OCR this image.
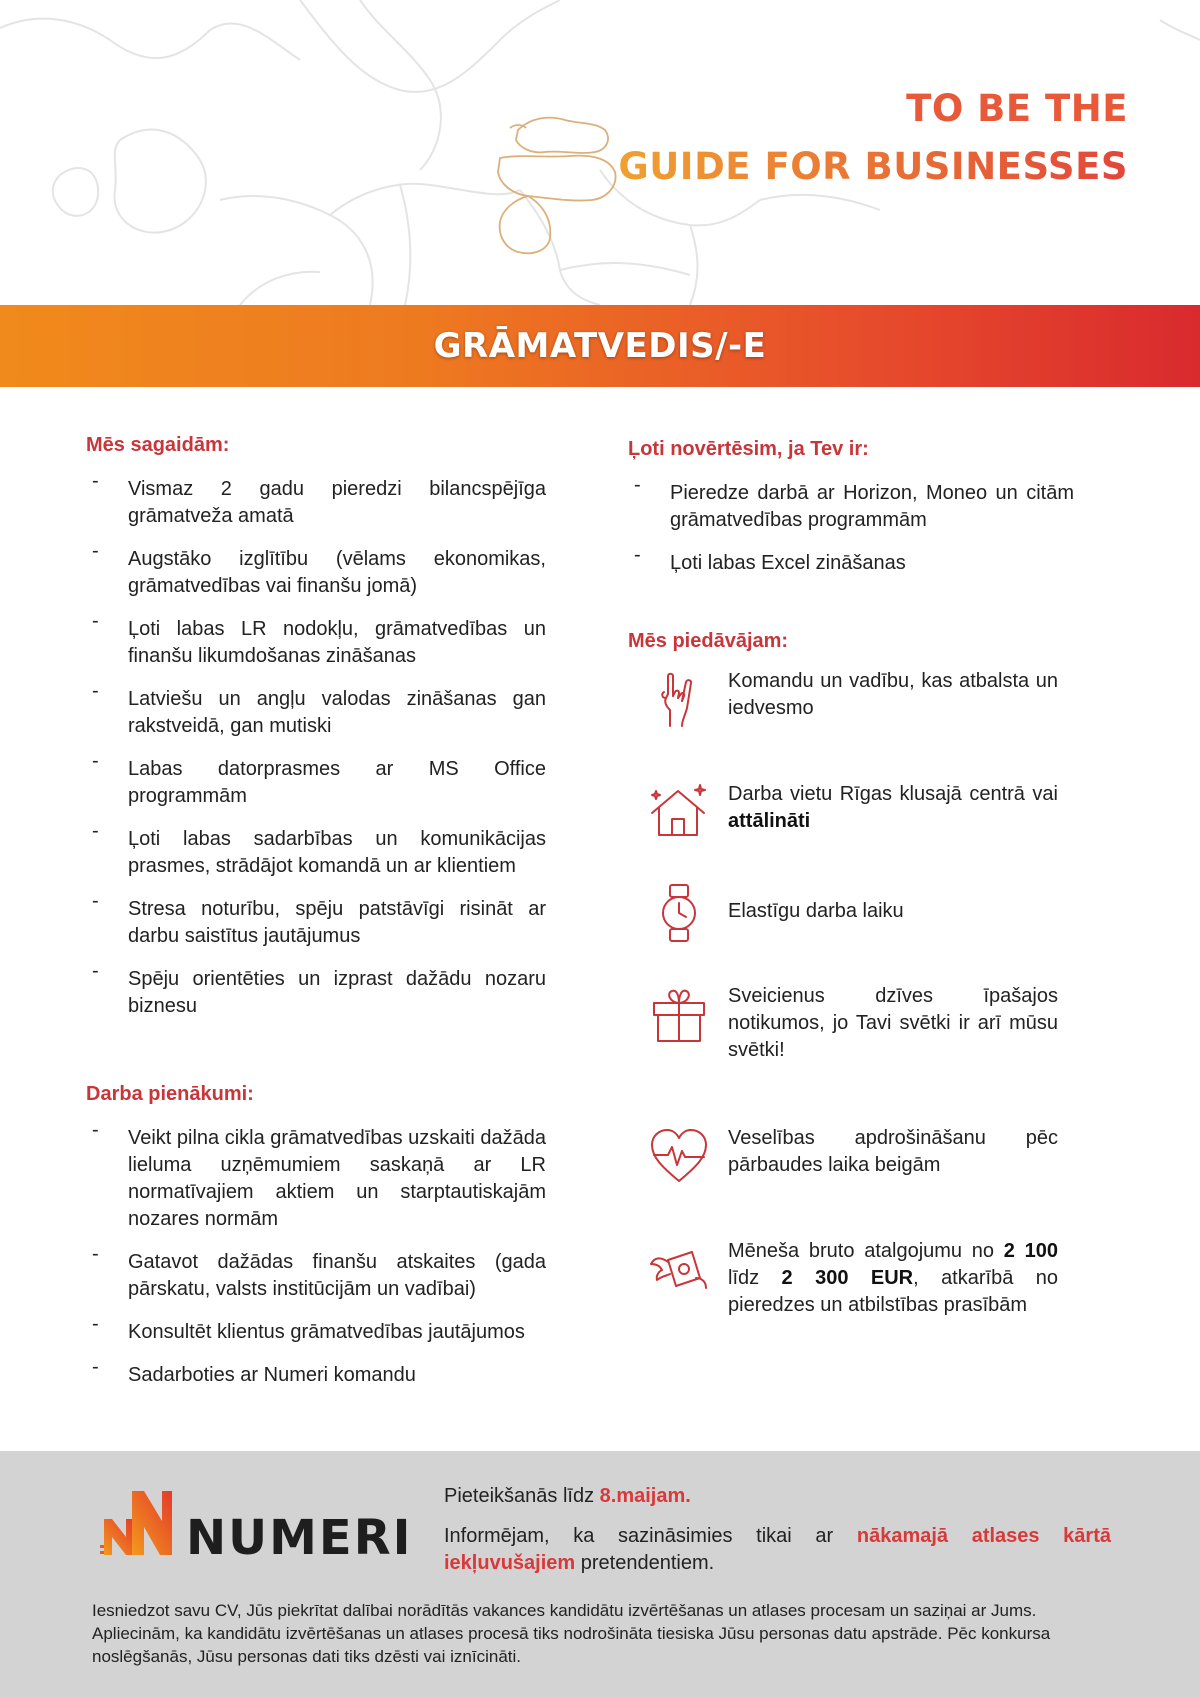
TO BE THE
GUIDE FOR BUSINESSES
GRĀMATVEDIS/-E
Mēs sagaidām:
- Vismaz 2 gadu pieredzi bilancspējīga grāmatveža amatā
- Augstāko izglītību (vēlams ekonomikas, grāmatvedības vai finanšu jomā)
- Ļoti labas LR nodokļu, grāmatvedības un finanšu likumdošanas zināšanas
- Latviešu un angļu valodas zināšanas gan rakstveidā, gan mutiski
- Labas datorprasmes ar MS Office programmām
- Ļoti labas sadarbības un komunikācijas prasmes, strādājot komandā un ar klientiem
- Stresa noturību, spēju patstāvīgi risināt ar darbu saistītus jautājumus
- Spēju orientēties un izprast dažādu nozaru biznesu
Darba pienākumi:
- Veikt pilna cikla grāmatvedības uzskaiti dažāda lieluma uzņēmumiem saskaņā ar LR normatīvajiem aktiem un starptautiskajām nozares normām
- Gatavot dažādas finanšu atskaites (gada pārskatu, valsts institūcijām un vadībai)
- Konsultēt klientus grāmatvedības jautājumos
- Sadarboties ar Numeri komandu
Ļoti novērtēsim, ja Tev ir:
- Pieredze darbā ar Horizon, Moneo un citām grāmatvedības programmām
- Ļoti labas Excel zināšanas
Mēs piedāvājam:
Komandu un vadību, kas atbalsta un iedvesmo
Darba vietu Rīgas klusajā centrā vai attālināti
Elastīgu darba laiku
Sveicienus dzīves īpašajos notikumos, jo Tavi svētki ir arī mūsu svētki!
Veselības apdrošināšanu pēc pārbaudes laika beigām
Mēneša bruto atalgojumu no 2 100 līdz 2 300 EUR, atkarībā no pieredzes un atbilstības prasībām
NUMERI

Pieteikšanās līdz 8.maijam.

Informējam, ka sazināsimies tikai ar nākamajā atlases kārtā iekļuvušajiem pretendentiem.

Iesniedzot savu CV, Jūs piekrītat dalībai norādītās vakances kandidātu izvērtēšanas un atlases procesam un saziņai ar Jums. Apliecinām, ka kandidātu izvērtēšanas un atlases procesā tiks nodrošināta tiesiska Jūsu personas datu apstrāde. Pēc konkursa noslēgšanās, Jūsu personas dati tiks dzēsti vai iznīcināti.
